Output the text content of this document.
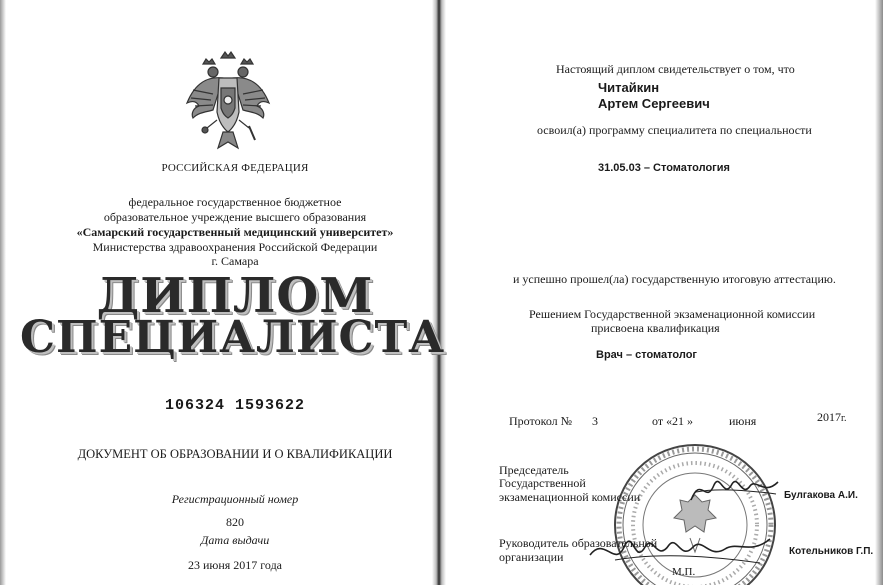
РОССИЙСКАЯ ФЕДЕРАЦИЯ
федеральное государственное бюджетное
образовательное учреждение высшего образования
«Самарский государственный медицинский университет»
Министерства здравоохранения Российской Федерации
г. Самара
ДИПЛОМ
СПЕЦИАЛИСТА
106324 1593622
ДОКУМЕНТ ОБ ОБРАЗОВАНИИ И О КВАЛИФИКАЦИИ
Регистрационный номер
820
Дата выдачи
23 июня 2017 года
Настоящий диплом свидетельствует о том, что
Читайкин
Артем Сергеевич
освоил(а) программу специалитета по специальности
31.05.03 – Стоматология
и успешно прошел(ла) государственную итоговую аттестацию.
Решением Государственной экзаменационной комиссии
присвоена квалификация
Врач – стоматолог
Протокол № 3	от « 21 »	июня	2017г.
Председатель
Государственной
экзаменационной комиссии	Булгакова А.И.
Руководитель образовательной
организации	Котельников Г.П.
М.П.
